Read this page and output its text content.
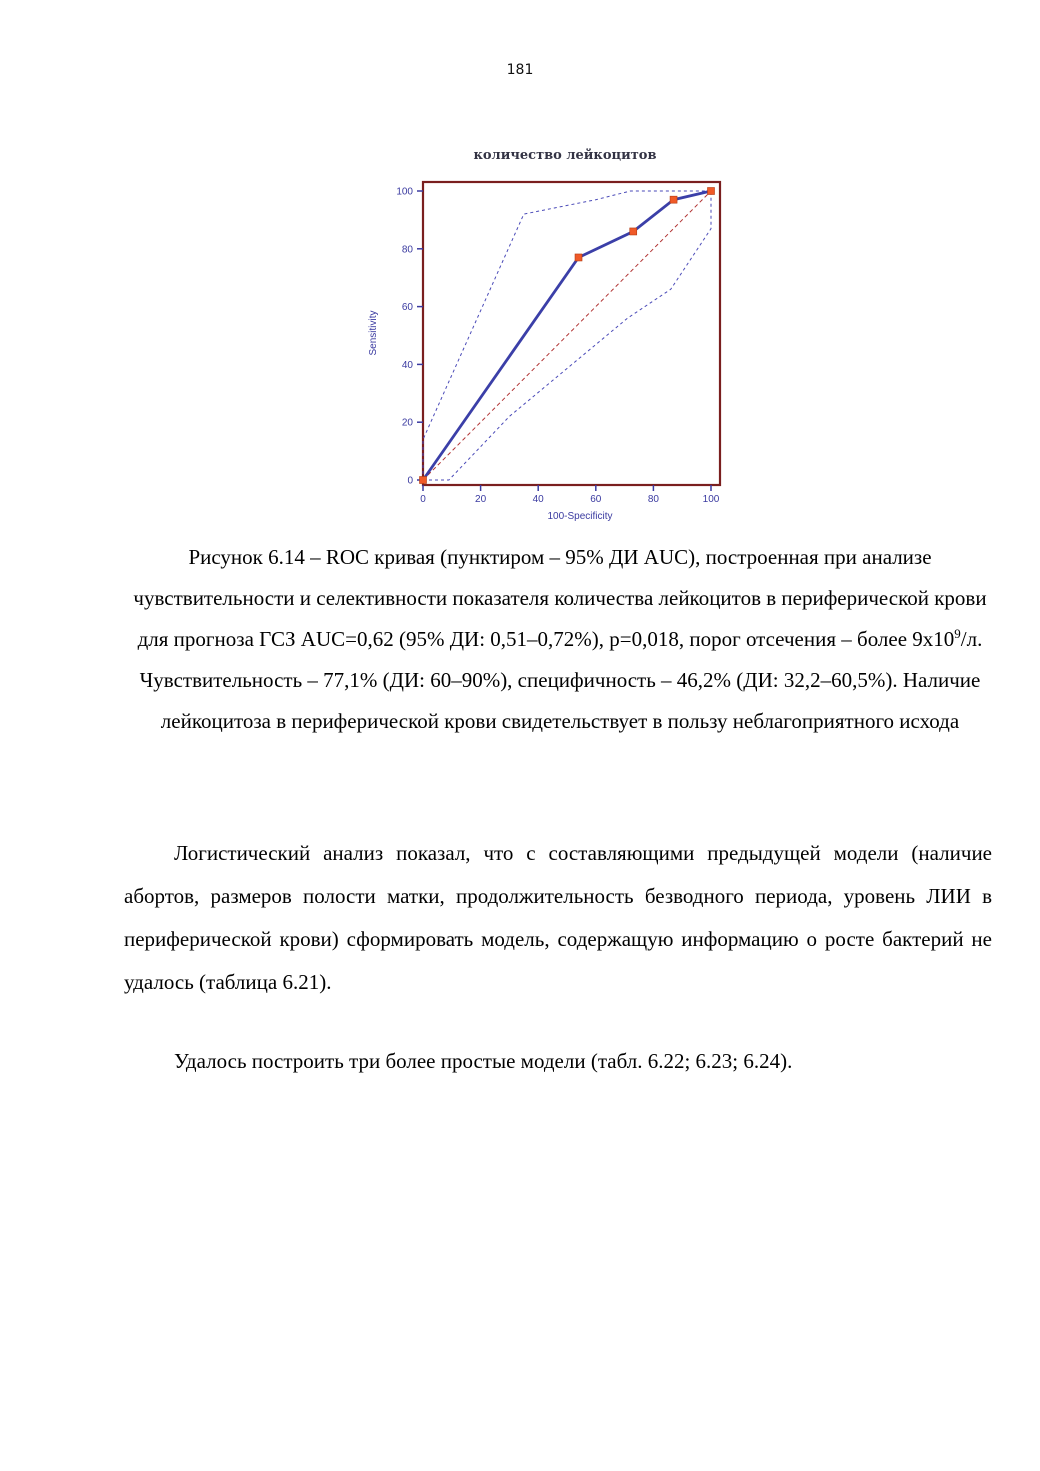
181
количество лейкоцитов
0
20
40
60
80
100
0	20	40	60	80	100
100-Specificity
Sensitivity
Рисунок 6.14 – ROC кривая (пунктиром – 95% ДИ AUC), построенная при анализе чувствительности и селективности показателя количества лейкоцитов в периферической крови для прогноза ГСЗ AUC=0,62 (95% ДИ: 0,51–0,72%), p=0,018, порог отсечения – более $9х10^9/л$. Чувствительность – 77,1% (ДИ: 60–90%), специфичность – 46,2% (ДИ: 32,2–60,5%). Наличие лейкоцитоза в периферической крови свидетельствует в пользу неблагоприятного исхода

Логистический анализ показал, что с составляющими предыдущей модели (наличие абортов, размеров полости матки, продолжительность безводного периода, уровень ЛИИ в периферической крови) сформировать модель, содержащую информацию о росте бактерий не удалось (таблица 6.21).

Удалось построить три более простые модели (табл. 6.22; 6.23; 6.24).
